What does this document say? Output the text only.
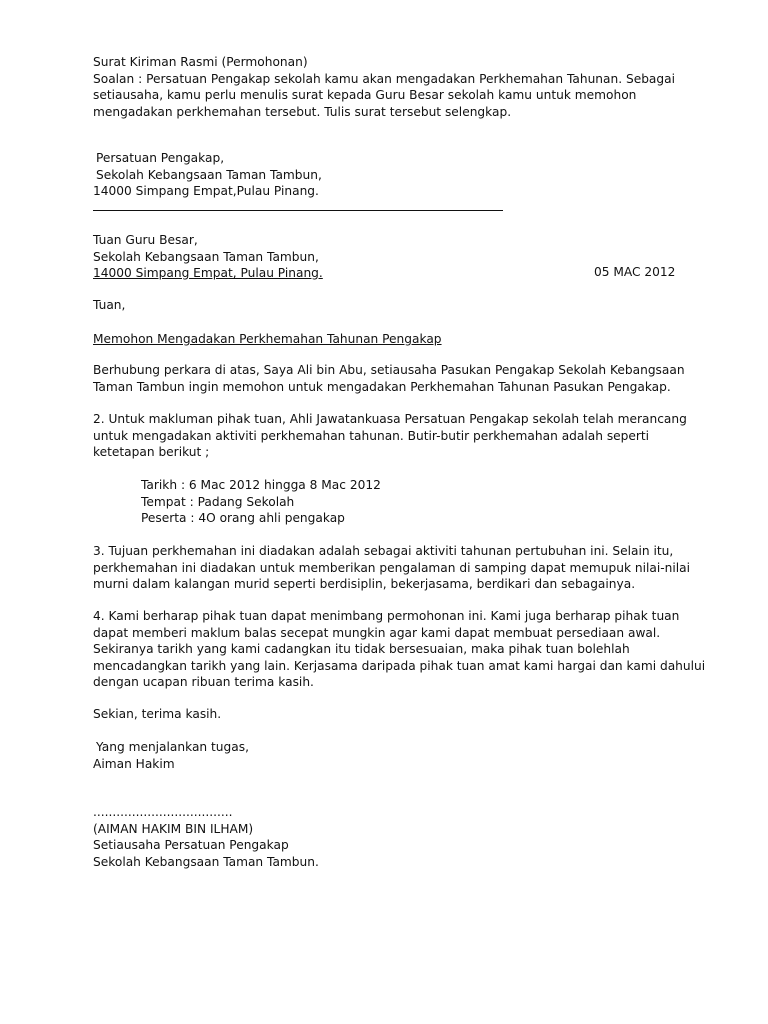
Surat Kiriman Rasmi (Permohonan)
Soalan : Persatuan Pengakap sekolah kamu akan mengadakan Perkhemahan Tahunan. Sebagai
setiausaha, kamu perlu menulis surat kepada Guru Besar sekolah kamu untuk memohon
mengadakan perkhemahan tersebut. Tulis surat tersebut selengkap.
Persatuan Pengakap,
Sekolah Kebangsaan Taman Tambun,
14000 Simpang Empat,Pulau Pinang.
Tuan Guru Besar,
Sekolah Kebangsaan Taman Tambun,
14000 Simpang Empat, Pulau Pinang.	05 MAC 2012
Tuan,
Memohon Mengadakan Perkhemahan Tahunan Pengakap
Berhubung perkara di atas, Saya Ali bin Abu, setiausaha Pasukan Pengakap Sekolah Kebangsaan
Taman Tambun ingin memohon untuk mengadakan Perkhemahan Tahunan Pasukan Pengakap.
2. Untuk makluman pihak tuan, Ahli Jawatankuasa Persatuan Pengakap sekolah telah merancang
untuk mengadakan aktiviti perkhemahan tahunan. Butir-butir perkhemahan adalah seperti
ketetapan berikut ;
Tarikh : 6 Mac 2012 hingga 8 Mac 2012
Tempat : Padang Sekolah
Peserta : 4O orang ahli pengakap
3. Tujuan perkhemahan ini diadakan adalah sebagai aktiviti tahunan pertubuhan ini. Selain itu,
perkhemahan ini diadakan untuk memberikan pengalaman di samping dapat memupuk nilai-nilai
murni dalam kalangan murid seperti berdisiplin, bekerjasama, berdikari dan sebagainya.
4. Kami berharap pihak tuan dapat menimbang permohonan ini. Kami juga berharap pihak tuan
dapat memberi maklum balas secepat mungkin agar kami dapat membuat persediaan awal.
Sekiranya tarikh yang kami cadangkan itu tidak bersesuaian, maka pihak tuan bolehlah
mencadangkan tarikh yang lain. Kerjasama daripada pihak tuan amat kami hargai dan kami dahului
dengan ucapan ribuan terima kasih.
Sekian, terima kasih.
Yang menjalankan tugas,
Aiman Hakim
....................................
(AIMAN HAKIM BIN ILHAM)
Setiausaha Persatuan Pengakap
Sekolah Kebangsaan Taman Tambun.
